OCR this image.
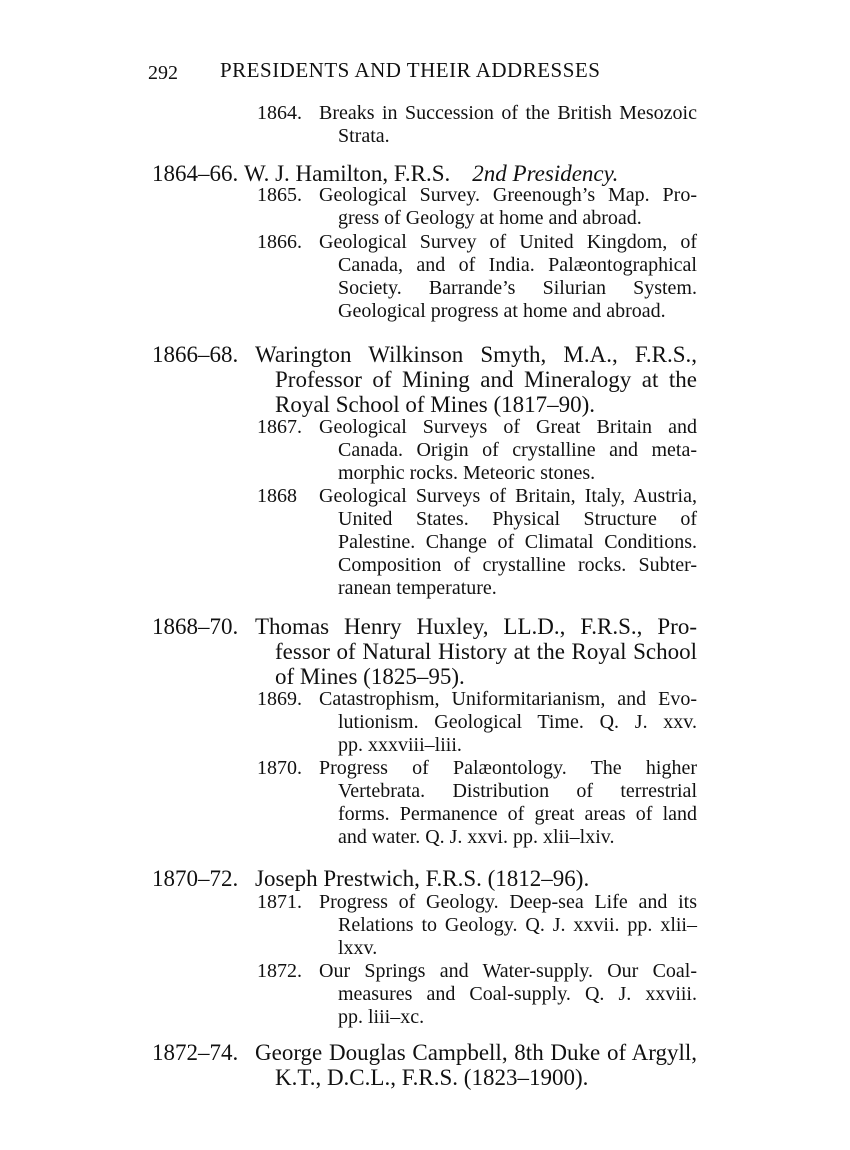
292 PRESIDENTS AND THEIR ADDRESSES
1864. Breaks in Succession of the British Mesozoic
Strata.
1864–66. W. J. Hamilton, F.R.S. 2nd Presidency.
1865. Geological Survey. Greenough’s Map. Pro-
gress of Geology at home and abroad.
1866. Geological Survey of United Kingdom, of
Canada, and of India. Palæontographical
Society. Barrande’s Silurian System.
Geological progress at home and abroad.
1866–68. Warington Wilkinson Smyth, M.A., F.R.S.,
Professor of Mining and Mineralogy at the
Royal School of Mines (1817–90).
1867. Geological Surveys of Great Britain and
Canada. Origin of crystalline and meta-
morphic rocks. Meteoric stones.
1868 Geological Surveys of Britain, Italy, Austria,
United States. Physical Structure of
Palestine. Change of Climatal Conditions.
Composition of crystalline rocks. Subter-
ranean temperature.
1868–70. Thomas Henry Huxley, LL.D., F.R.S., Pro-
fessor of Natural History at the Royal School
of Mines (1825–95).
1869. Catastrophism, Uniformitarianism, and Evo-
lutionism. Geological Time. Q. J. xxv.
pp. xxxviii–liii.
1870. Progress of Palæontology. The higher
Vertebrata. Distribution of terrestrial
forms. Permanence of great areas of land
and water. Q. J. xxvi. pp. xlii–lxiv.
1870–72. Joseph Prestwich, F.R.S. (1812–96).
1871. Progress of Geology. Deep-sea Life and its
Relations to Geology. Q. J. xxvii. pp. xlii–
lxxv.
1872. Our Springs and Water-supply. Our Coal-
measures and Coal-supply. Q. J. xxviii.
pp. liii–xc.
1872–74. George Douglas Campbell, 8th Duke of Argyll,
K.T., D.C.L., F.R.S. (1823–1900).
